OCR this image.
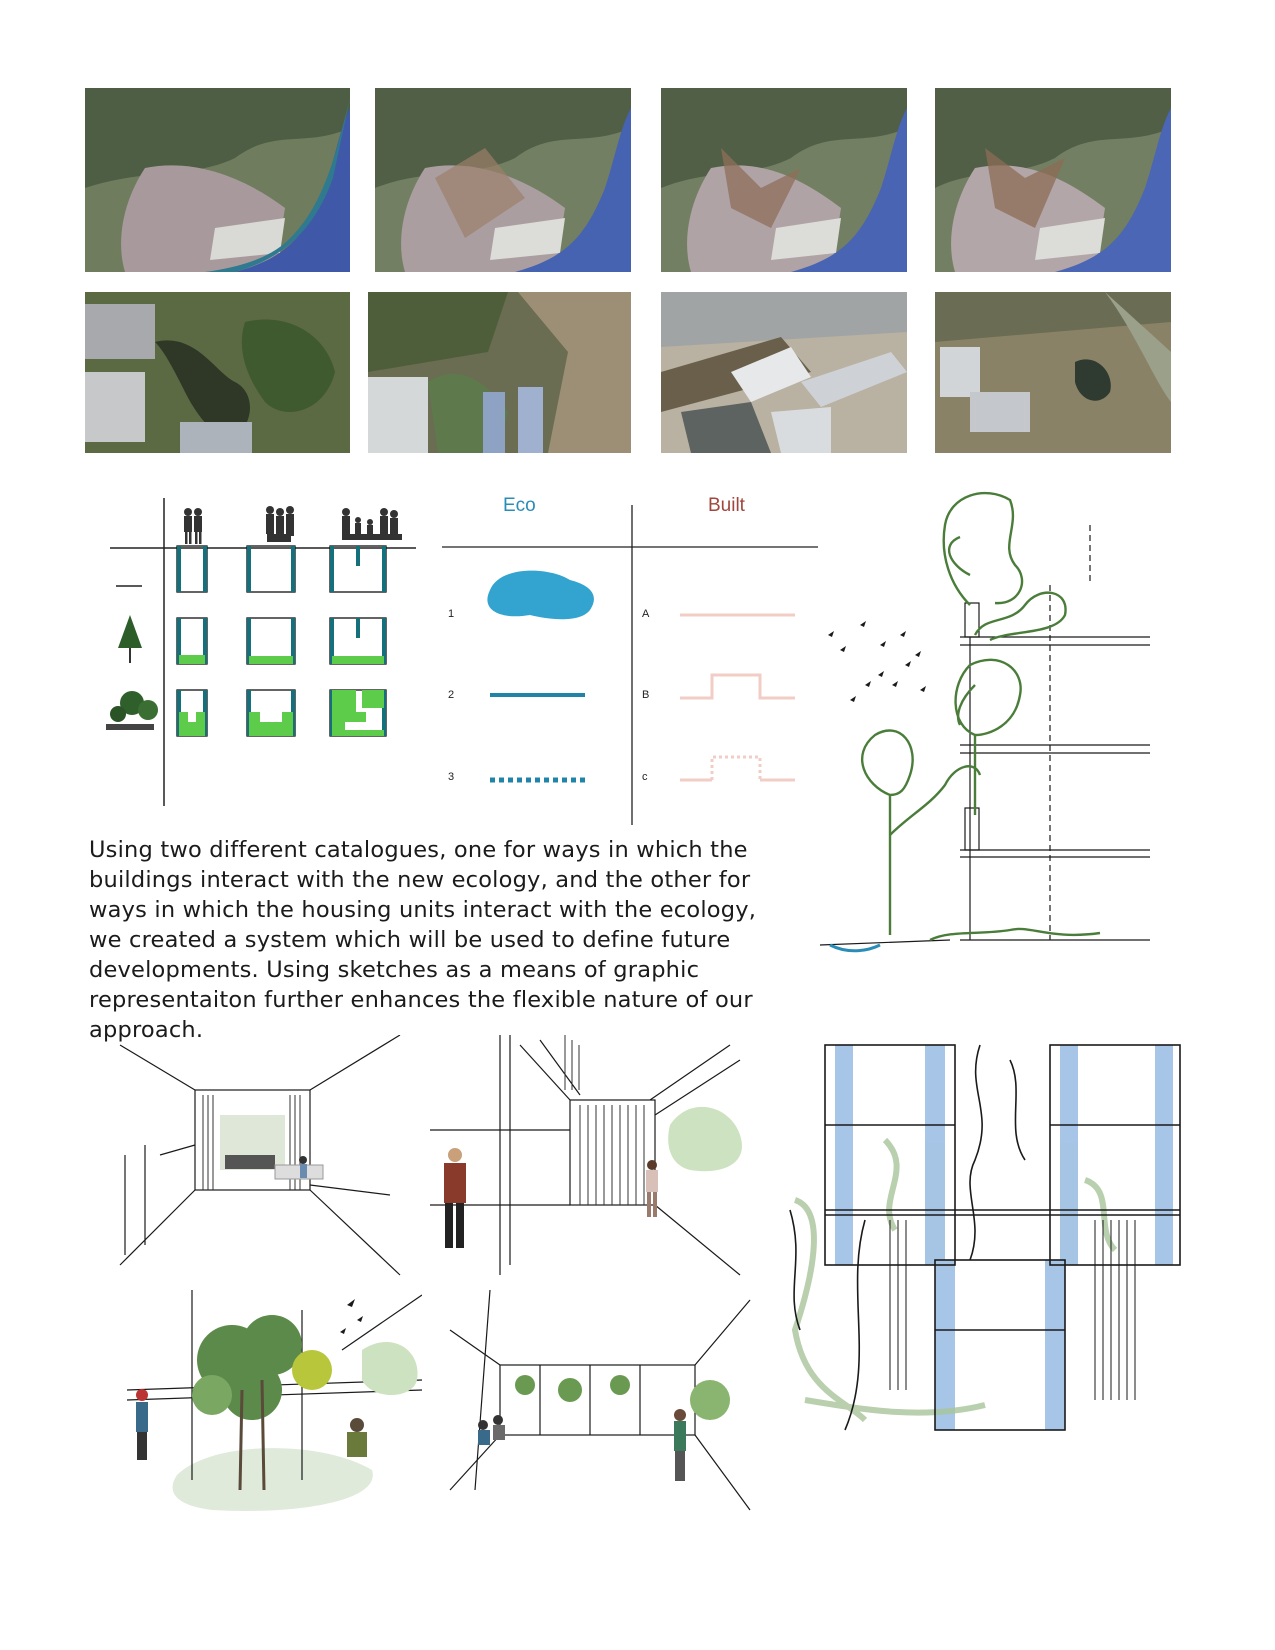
Eco	Built
1
2
3
A
B
c
Using two different catalogues, one for ways in which the buildings interact with the new ecology, and the other for ways in which the housing units interact with the ecology, we created a system which will be used to define future developments. Using sketches as a means of graphic representaiton further enhances the flexible nature of our approach.
